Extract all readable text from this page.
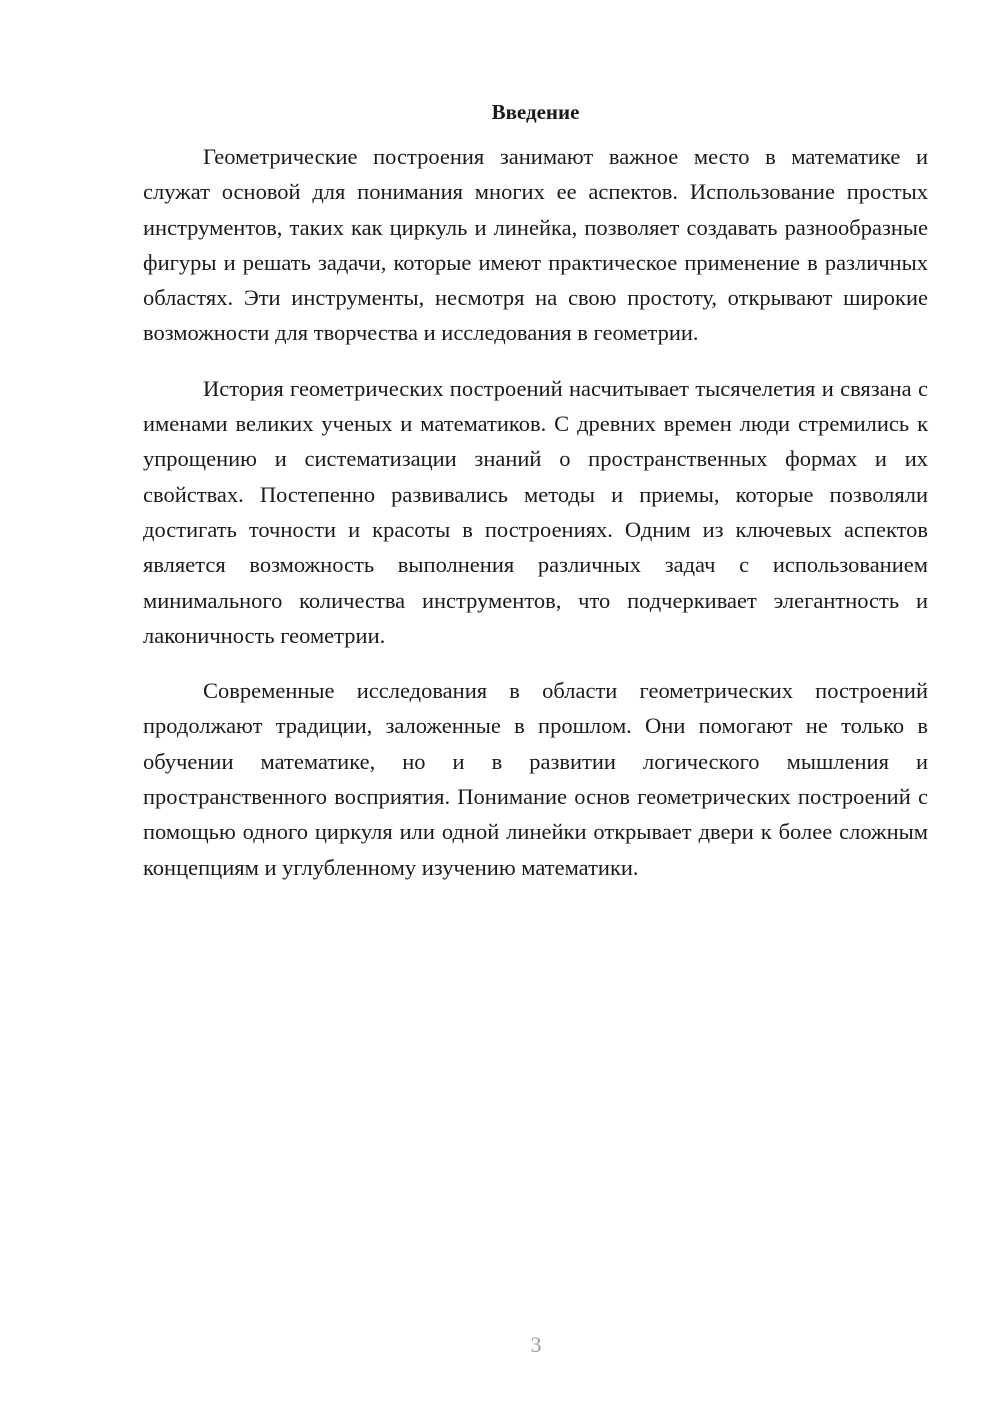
Введение

Геометрические построения занимают важное место в математике и служат основой для понимания многих ее аспектов. Использование простых инструментов, таких как циркуль и линейка, позволяет создавать разнообразные фигуры и решать задачи, которые имеют практическое применение в различных областях. Эти инструменты, несмотря на свою простоту, открывают широкие возможности для творчества и исследования в геометрии.

История геометрических построений насчитывает тысячелетия и связана с именами великих ученых и математиков. С древних времен люди стремились к упрощению и систематизации знаний о пространственных формах и их свойствах. Постепенно развивались методы и приемы, которые позволяли достигать точности и красоты в построениях. Одним из ключевых аспектов является возможность выполнения различных задач с использованием минимального количества инструментов, что подчеркивает элегантность и лаконичность геометрии.

Современные исследования в области геометрических построений продолжают традиции, заложенные в прошлом. Они помогают не только в обучении математике, но и в развитии логического мышления и пространственного восприятия. Понимание основ геометрических построений с помощью одного циркуля или одной линейки открывает двери к более сложным концепциям и углубленному изучению математики.

3
